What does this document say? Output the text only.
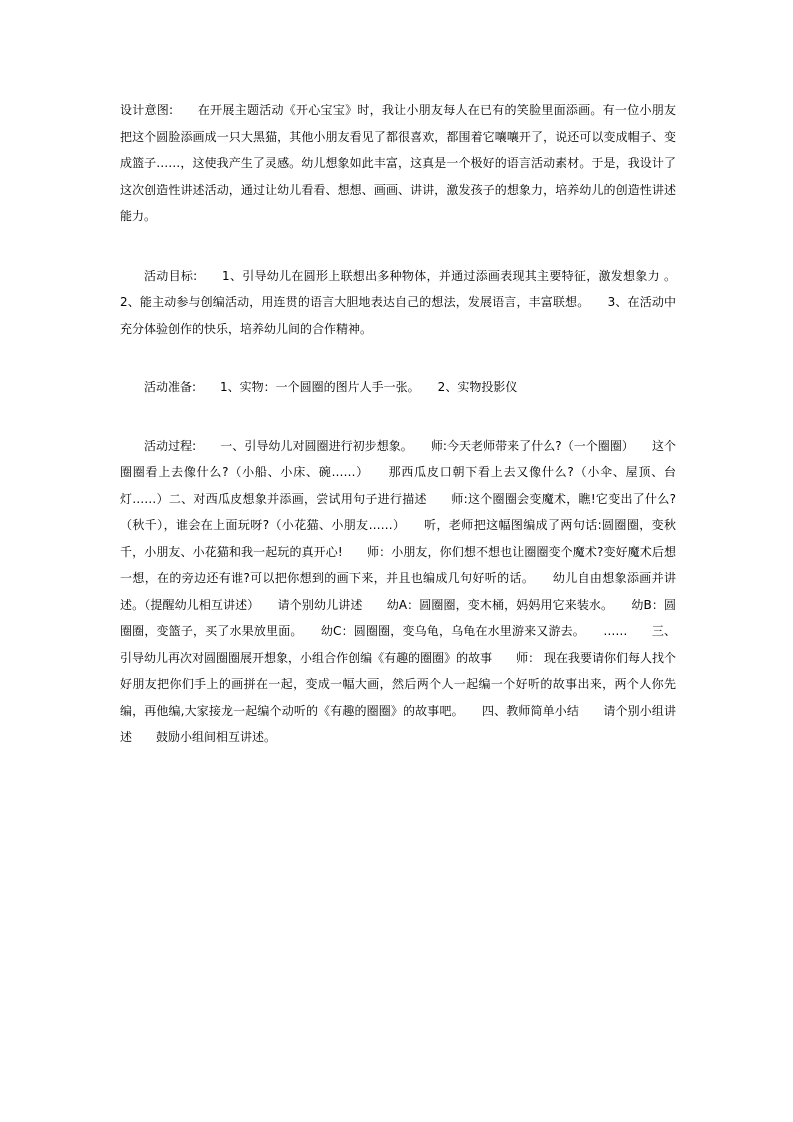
设计意图:　　在开展主题活动《开心宝宝》时，我让小朋友每人在已有的笑脸里面添画。有一位小朋友把这个圆脸添画成一只大黑猫，其他小朋友看见了都很喜欢，都围着它嚷嚷开了，说还可以变成帽子、变成篮子……，这使我产生了灵感。幼儿想象如此丰富，这真是一个极好的语言活动素材。于是，我设计了这次创造性讲述活动，通过让幼儿看看、想想、画画、讲讲，激发孩子的想象力，培养幼儿的创造性讲述 能力。

活动目标:　　1、引导幼儿在圆形上联想出多种物体，并通过添画表现其主要特征，激发想象力 。 2、能主动参与创编活动，用连贯的语言大胆地表达自己的想法，发展语言，丰富联想。　　3、在活动中充分体验创作的快乐，培养幼儿间的合作精神。

活动准备:　　1、实物：一个圆圈的图片人手一张。　　2、实物投影仪

活动过程:　　一、引导幼儿对圆圈进行初步想象。　　师:今天老师带来了什么?（一个圈圈）　　这个圈圈看上去像什么?（小船、小床、碗……）　　那西瓜皮口朝下看上去又像什么?（小伞、屋顶、台灯……）二、对西瓜皮想象并添画，尝试用句子进行描述　　师:这个圈圈会变魔术，瞧!它变出了什么?（秋千），谁会在上面玩呀?（小花猫、小朋友……）　　听，老师把这幅图编成了两句话:圆圈圈，变秋千，小朋友、小花猫和我一起玩的真开心!　　师：小朋友，你们想不想也让圈圈变个魔术?变好魔术后想一想，在的旁边还有谁?可以把你想到的画下来，并且也编成几句好听的话。　　幼儿自由想象添画并讲述。（提醒幼儿相互讲述）　　请个别幼儿讲述　　幼A：圆圈圈，变木桶，妈妈用它来装水。　　幼B：圆圈圈，变篮子，买了水果放里面。　　幼C：圆圈圈，变乌龟，乌龟在水里游来又游去。　　……　　三、 引导幼儿再次对圆圈圈展开想象，小组合作创编《有趣的圈圈》的故事　　师： 现在我要请你们每人找个好朋友把你们手上的画拼在一起，变成一幅大画，然后两个人一起编一个好听的故事出来，两个人你先编，再他编,大家接龙一起编个动听的《有趣的圈圈》的故事吧。　　四、教师简单小结　　请个别小组讲述　　鼓励小组间相互讲述。
